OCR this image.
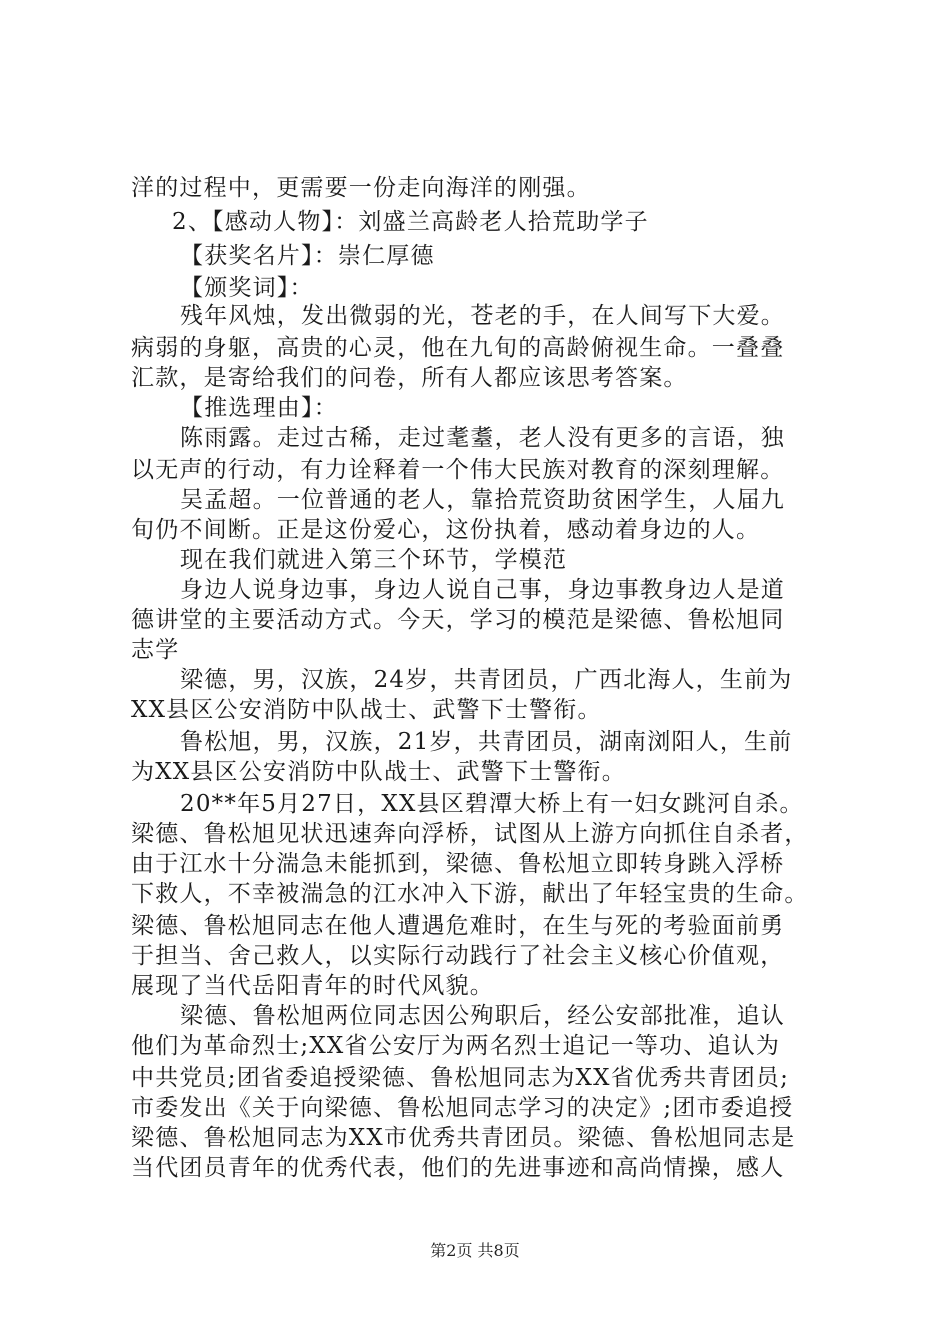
洋的过程中，更需要一份走向海洋的刚强。
2、【感动人物】：刘盛兰高龄老人拾荒助学子
【获奖名片】：崇仁厚德
【颁奖词】：
残年风烛，发出微弱的光，苍老的手，在人间写下大爱。
病弱的身躯，高贵的心灵，他在九旬的高龄俯视生命。一叠叠
汇款，是寄给我们的问卷，所有人都应该思考答案。
【推选理由】：
陈雨露。走过古稀，走过耄耋，老人没有更多的言语，独
以无声的行动，有力诠释着一个伟大民族对教育的深刻理解。
吴孟超。一位普通的老人，靠拾荒资助贫困学生，人届九
旬仍不间断。正是这份爱心，这份执着，感动着身边的人。
现在我们就进入第三个环节，学模范
身边人说身边事，身边人说自己事，身边事教身边人是道
德讲堂的主要活动方式。今天，学习的模范是梁德、鲁松旭同
志学
梁德，男，汉族，24岁，共青团员，广西北海人，生前为
XX县区公安消防中队战士、武警下士警衔。
鲁松旭，男，汉族，21岁，共青团员，湖南浏阳人，生前
为XX县区公安消防中队战士、武警下士警衔。
20**年5月27日，XX县区碧潭大桥上有一妇女跳河自杀。
梁德、鲁松旭见状迅速奔向浮桥，试图从上游方向抓住自杀者，
由于江水十分湍急未能抓到，梁德、鲁松旭立即转身跳入浮桥
下救人，不幸被湍急的江水冲入下游，献出了年轻宝贵的生命。
梁德、鲁松旭同志在他人遭遇危难时，在生与死的考验面前勇
于担当、舍己救人，以实际行动践行了社会主义核心价值观，
展现了当代岳阳青年的时代风貌。
梁德、鲁松旭两位同志因公殉职后，经公安部批准，追认
他们为革命烈士;XX省公安厅为两名烈士追记一等功、追认为
中共党员;团省委追授梁德、鲁松旭同志为XX省优秀共青团员;
市委发出《关于向梁德、鲁松旭同志学习的决定》;团市委追授
梁德、鲁松旭同志为XX市优秀共青团员。梁德、鲁松旭同志是
当代团员青年的优秀代表，他们的先进事迹和高尚情操，感人
第2页 共8页
